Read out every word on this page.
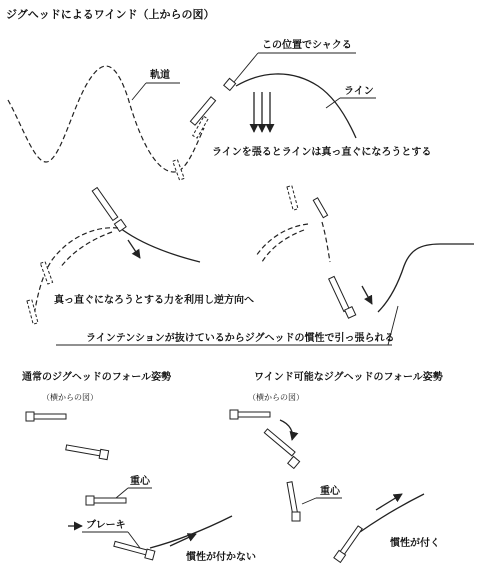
ジグヘッドによるワインド（上からの図）
軌道
この位置でシャクる
ライン
ラインを張るとラインは真っ直ぐになろうとする
真っ直ぐになろうとする力を利用し逆方向へ
ラインテンションが抜けているからジグヘッドの慣性で引っ張られる
通常のジグヘッドのフォール姿勢
（横からの図）
重心
ブレーキ
慣性が付かない
ワインド可能なジグヘッドのフォール姿勢
（横からの図）
重心
慣性が付く
